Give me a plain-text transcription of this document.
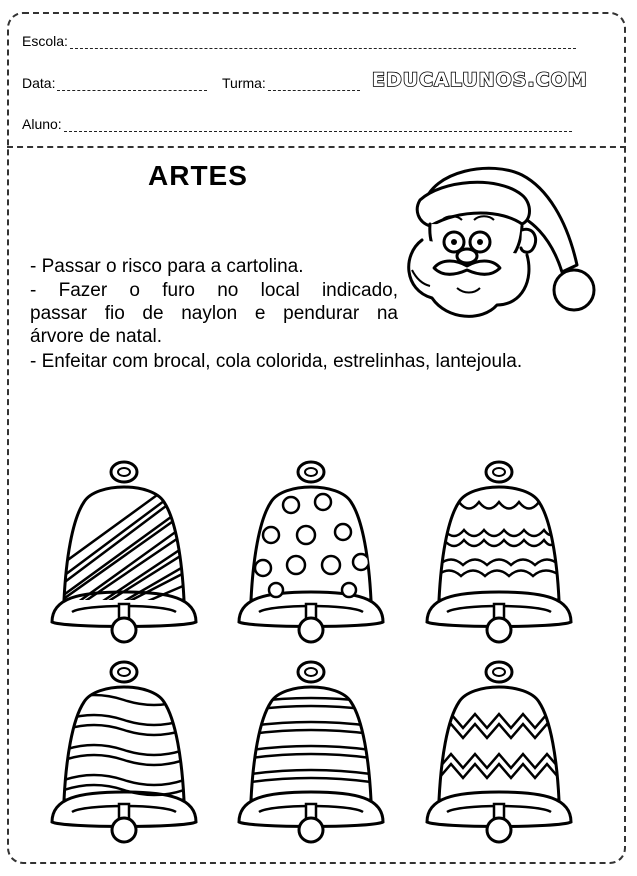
Escola:
Data:	Turma:	EDUCALUNOS.COM
Aluno:
ARTES
- Passar o risco para a cartolina.
- Fazer o furo no local indicado,
passar fio de naylon e pendurar na
árvore de natal.
- Enfeitar com brocal, cola colorida, estrelinhas, lantejoula.
